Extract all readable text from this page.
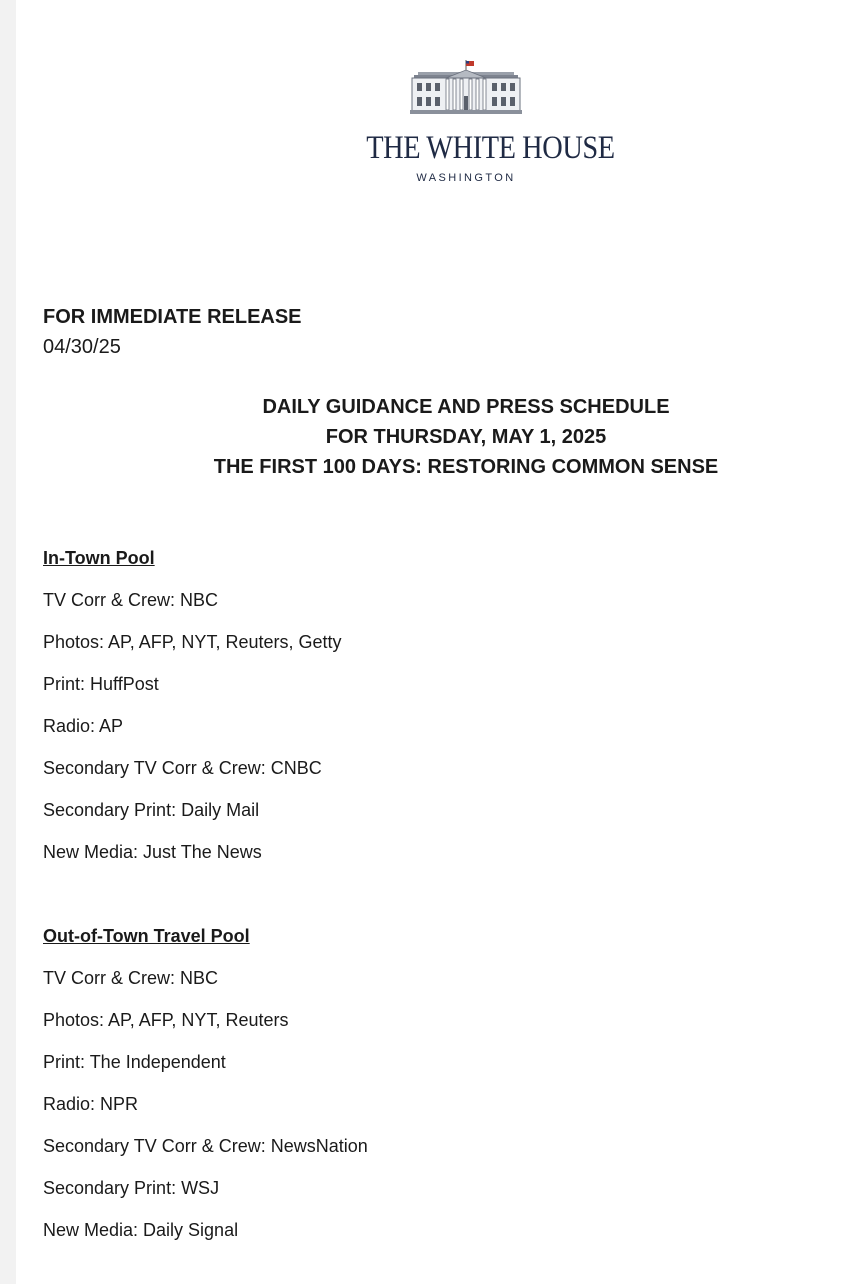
THE WHITE HOUSE
WASHINGTON
FOR IMMEDIATE RELEASE
04/30/25
DAILY GUIDANCE AND PRESS SCHEDULE
FOR THURSDAY, MAY 1, 2025
THE FIRST 100 DAYS: RESTORING COMMON SENSE
In-Town Pool
TV Corr & Crew: NBC
Photos: AP, AFP, NYT, Reuters, Getty
Print: HuffPost
Radio: AP
Secondary TV Corr & Crew: CNBC
Secondary Print: Daily Mail
New Media: Just The News
Out-of-Town Travel Pool
TV Corr & Crew: NBC
Photos: AP, AFP, NYT, Reuters
Print: The Independent
Radio: NPR
Secondary TV Corr & Crew: NewsNation
Secondary Print: WSJ
New Media: Daily Signal
